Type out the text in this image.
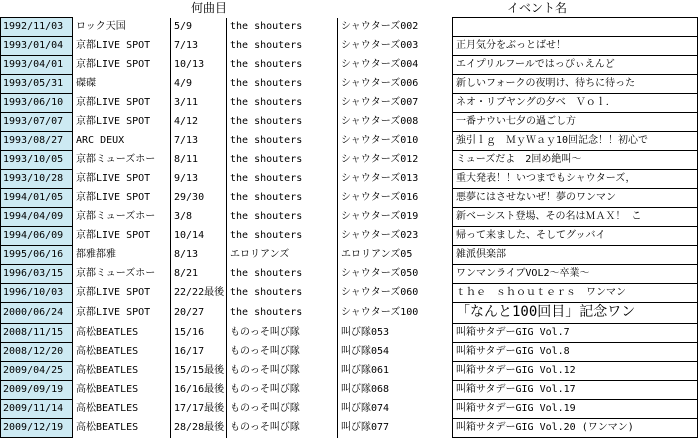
何曲目	イベント名
1992/11/03	ロック天国	5/9	the shouters	シャウターズ002	
1993/01/04	京都LIVE SPOT	7/13	the shouters	シャウターズ003	正月気分をぶっとばせ！
1993/04/01	京都LIVE SPOT	10/13	the shouters	シャウターズ004	エイプリルフールではっぴぃえんど
1993/05/31	磔磔	4/9	the shouters	シャウターズ006	新しいフォークの夜明け、待ちに待った
1993/06/10	京都LIVE SPOT	3/11	the shouters	シャウターズ007	ネオ・リブヤングの夕べ　Ｖｏｌ．
1993/07/07	京都LIVE SPOT	4/12	the shouters	シャウターズ008	一番ナウい七夕の過ごし方
1993/08/27	ARC DEUX	7/13	the shouters	シャウターズ010	強引ｌｇ　ＭｙＷａｙ10回記念！！初心で
1993/10/05	京都ミューズホー	8/11	the shouters	シャウターズ012	ミューズだよ　2回め絶叫～
1993/10/28	京都LIVE SPOT	9/13	the shouters	シャウターズ013	重大発表！！いつまでもシャウターズ，
1994/01/05	京都LIVE SPOT	29/30	the shouters	シャウターズ016	悪夢にはさせないぜ！夢のワンマン
1994/04/09	京都ミューズホー	3/8	the shouters	シャウターズ019	新ベーシスト登場、その名はＭＡＸ！ こ
1994/06/09	京都LIVE SPOT	10/14	the shouters	シャウターズ023	帰って来ました、そしてグッバイ
1995/06/16	都雅都雅	8/13	エロリアンズ	エロリアンズ05	雑派倶楽部
1996/03/15	京都ミューズホー	8/21	the shouters	シャウターズ050	ワンマンライブVOL2～卒業～
1996/10/03	京都LIVE SPOT	22/22最後	the shouters	シャウターズ060	ｔｈｅ　ｓｈｏｕｔｅｒｓ　ワンマン
2000/06/24	京都LIVE SPOT	20/27	the shouters	シャウターズ100	「なんと100回目」記念ワン
2008/11/15	高松BEATLES	15/16	ものっそ叫び隊	叫び隊053	叫箱サタデーGIG Vol.7
2008/12/20	高松BEATLES	16/17	ものっそ叫び隊	叫び隊054	叫箱サタデーGIG Vol.8
2009/04/25	高松BEATLES	15/15最後	ものっそ叫び隊	叫び隊061	叫箱サタデーGIG Vol.12
2009/09/19	高松BEATLES	16/16最後	ものっそ叫び隊	叫び隊068	叫箱サタデーGIG Vol.17
2009/11/14	高松BEATLES	17/17最後	ものっそ叫び隊	叫び隊074	叫箱サタデーGIG Vol.19
2009/12/19	高松BEATLES	28/28最後	ものっそ叫び隊	叫び隊077	叫箱サタデーGIG Vol.20 (ワンマン)
